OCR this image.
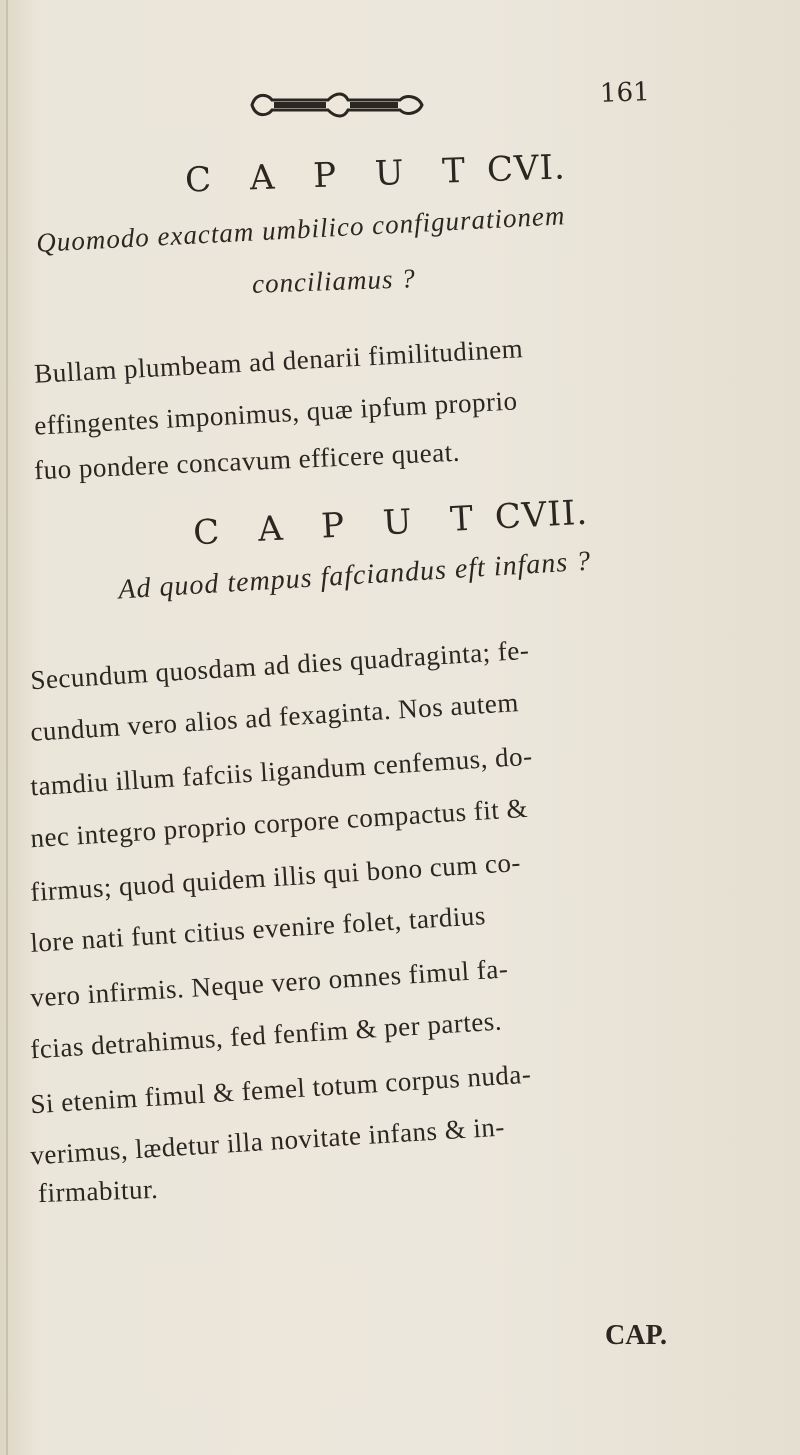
161
C A P U T CVI.
Quomodo exactam umbilico configurationem
conciliamus ?
Bullam plumbeam ad denarii fimilitudinem
effingentes imponimus, quæ ipfum proprio
fuo pondere concavum efficere queat.
C A P U T CVII.
Ad quod tempus fafciandus eft infans ?
Secundum quosdam ad dies quadraginta; fe-
cundum vero alios ad fexaginta. Nos autem
tamdiu illum fafciis ligandum cenfemus, do-
nec integro proprio corpore compactus fit &
firmus; quod quidem illis qui bono cum co-
lore nati funt citius evenire folet, tardius
vero infirmis. Neque vero omnes fimul fa-
fcias detrahimus, fed fenfim & per partes.
Si etenim fimul & femel totum corpus nuda-
verimus, lædetur illa novitate infans & in-
firmabitur.
CAP.
